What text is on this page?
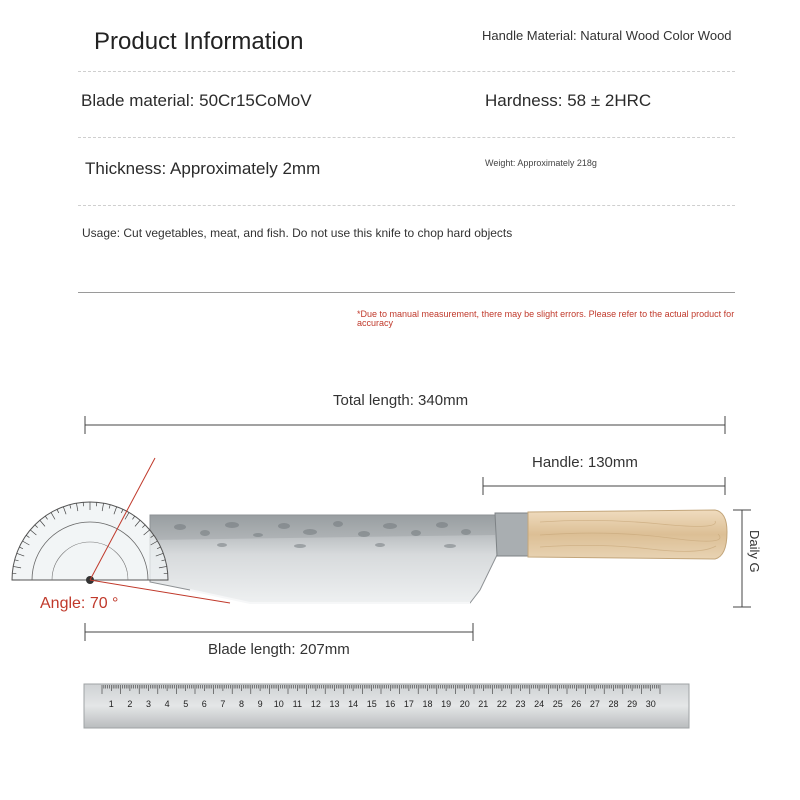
Product Information	Handle Material: Natural Wood Color Wood
Blade material: 50Cr15CoMoV	Hardness: 58 ± 2HRC
Thickness: Approximately 2mm	Weight: Approximately 218g
Usage: Cut vegetables, meat, and fish. Do not use this knife to chop hard objects
*Due to manual measurement, there may be slight errors. Please refer to the actual product for accuracy
Total length: 340mm
Handle: 130mm
Blade length: 207mm
Angle: 70 °
Daily G
1 2 3 4 5 6 7 8 9 10 11 12 13 14 15 16 17 18 19 20 21 22 23 24 25 26 27 28 29 30
